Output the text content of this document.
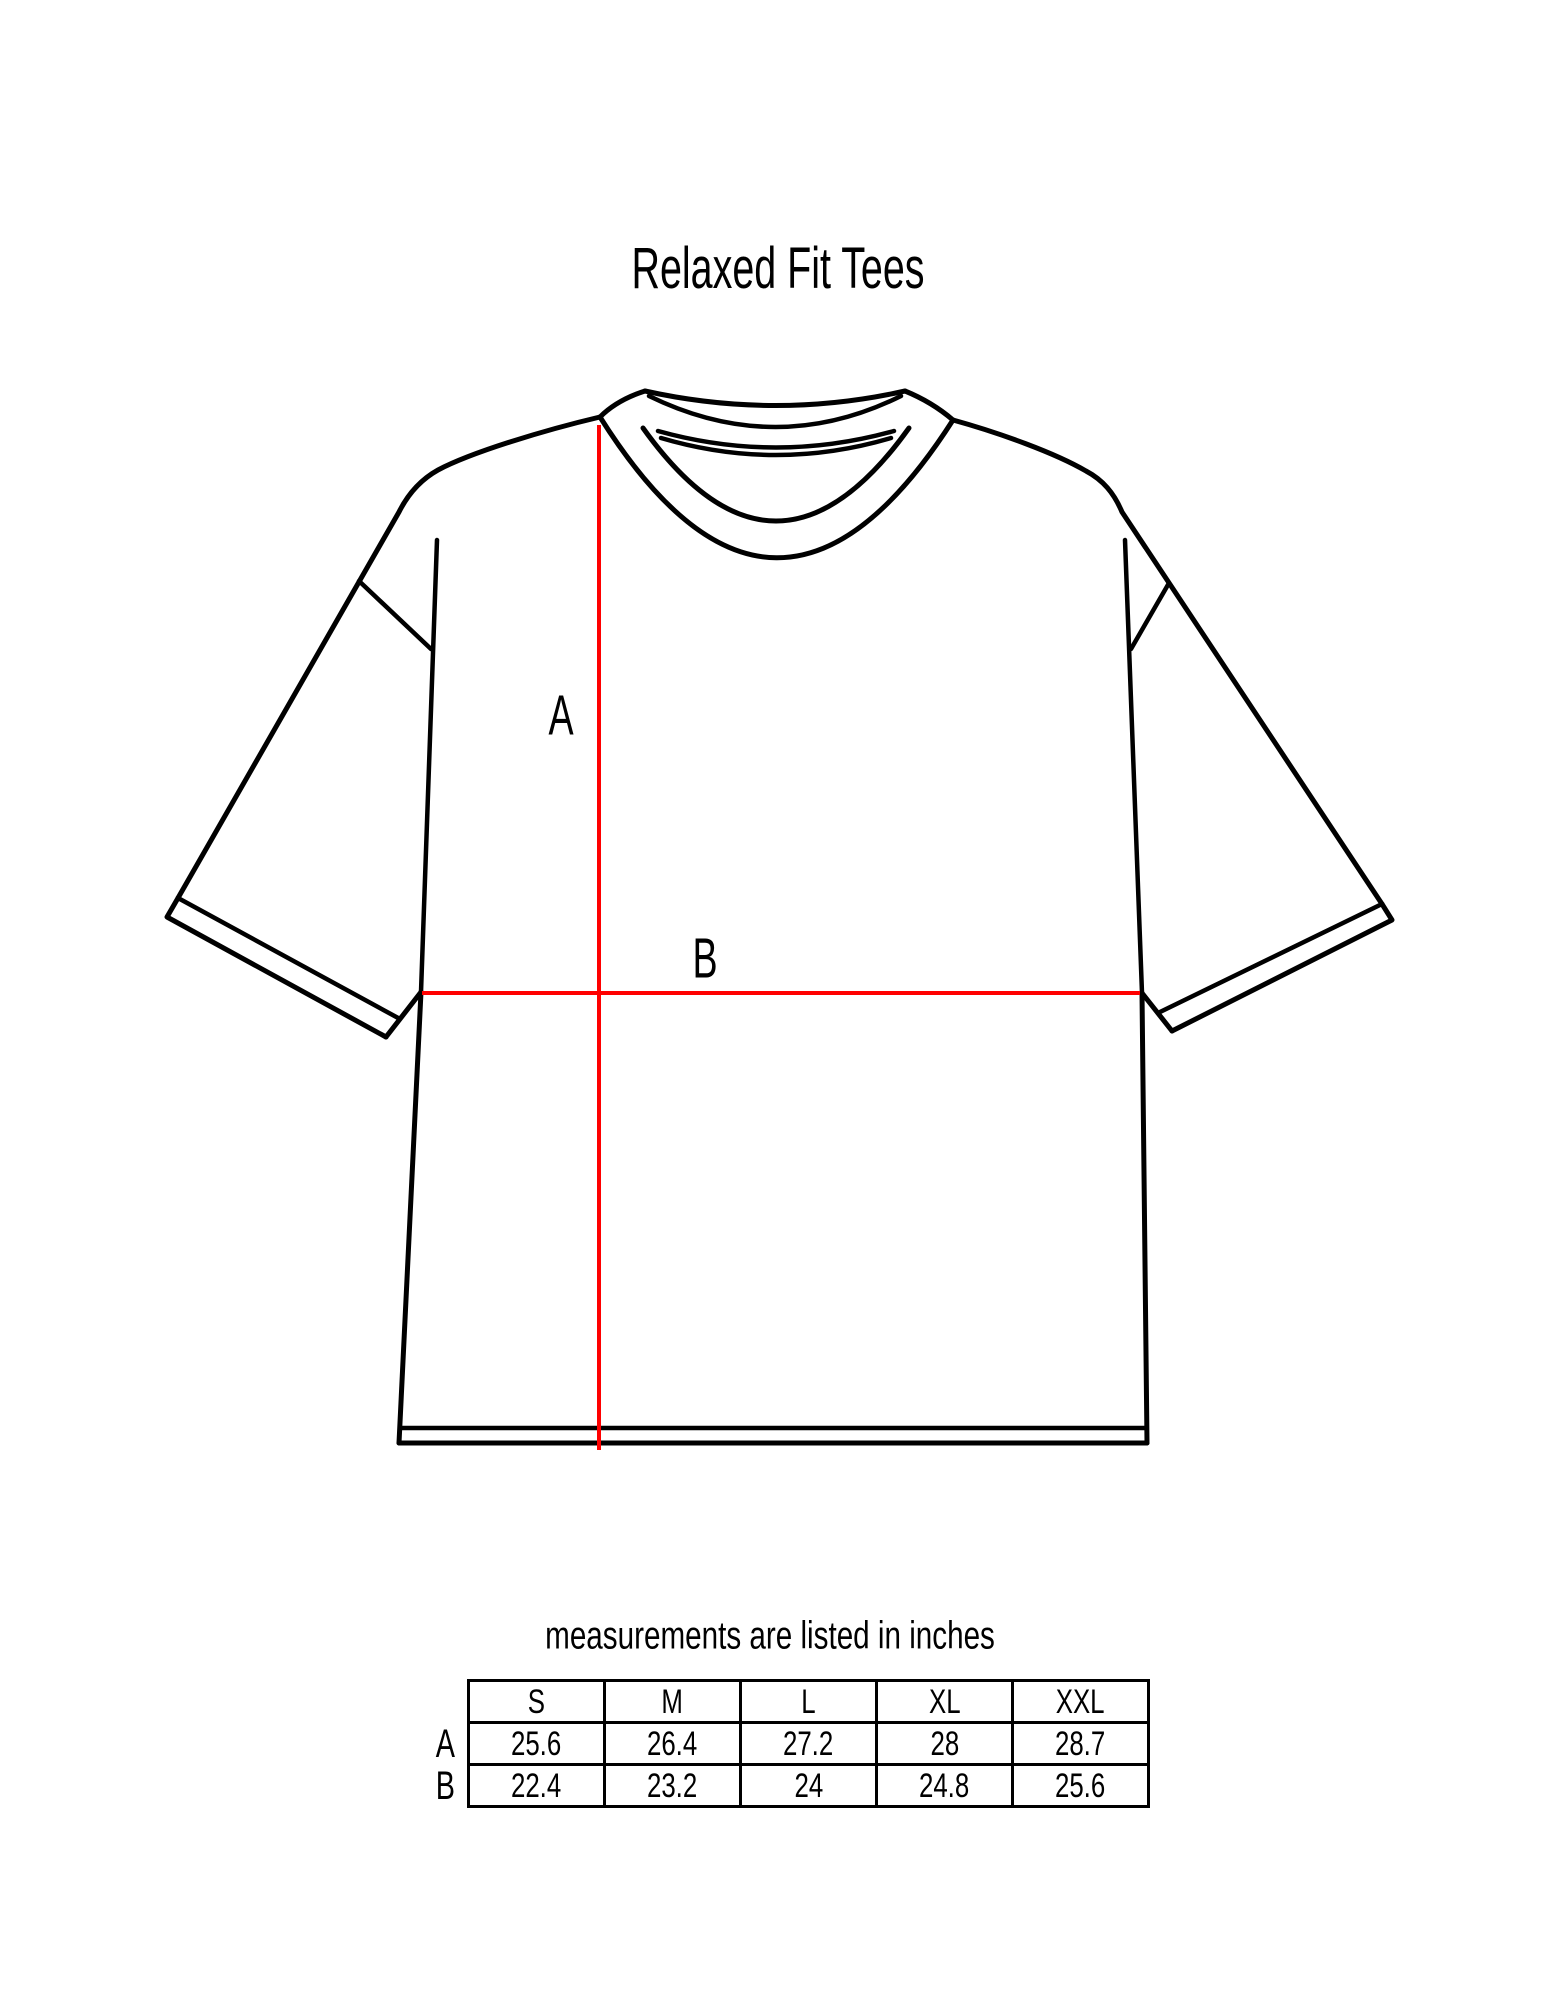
Relaxed Fit Tees
A
B
measurements are listed in inches
	S	M	L	XL	XXL
A	25.6	26.4	27.2	28	28.7
B	22.4	23.2	24	24.8	25.6
